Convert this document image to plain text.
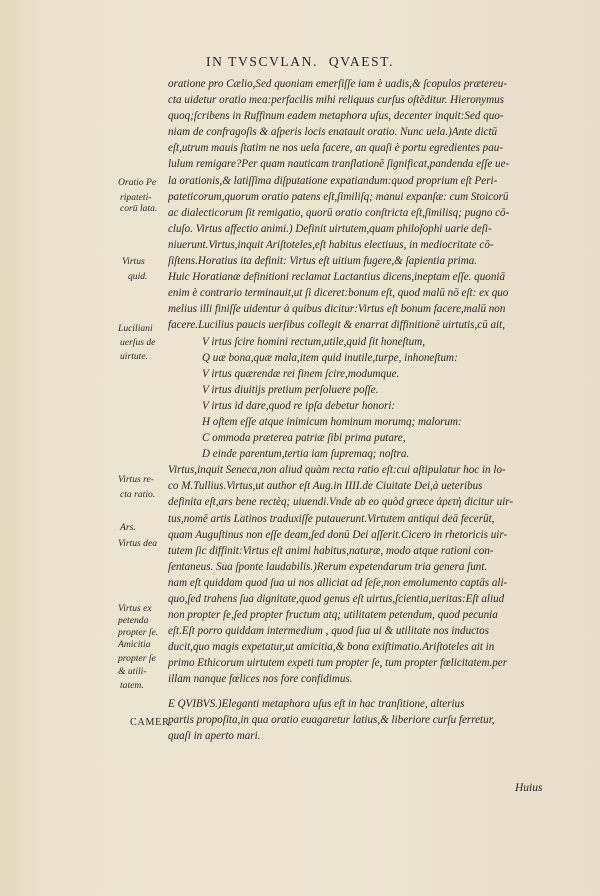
IN TVSCVLAN. QVAEST.
oratione pro Cælio,Sed quoniam emerſiſſe iam è uadis,& ſcopulos prætereu-
cta uidetur oratio mea:perfacilis mihi reliquus curſus oſtēditur. Hieronymus
quoq;ſcribens in Ruffinum eadem metaphora uſus, decenter inquit:Sed quo-
niam de confragoſis & aſperis locis enatauit oratio. Nunc uela.)Ante dictū
eſt,utrum mauis ſtatim ne nos uela facere, an quaſi è portu egredientes pau-
lulum remigare?Per quam nauticam tranſlationē ſignificat,pandenda eſſe ue-
la orationis,& latiſſima diſputatione expatiandum:quod proprium eſt Peri-
pateticorum,quorum oratio patens eſt,ſimiliſq; manui expanſæ: cum Stoicorū
ac dialecticorum ſit remigatio, quorū oratio conſtricta eſt,ſimilisq; pugno cō-
cluſo. Virtus affectio animi.) Definit uirtutem,quam philoſophi uarie deſi-
niuerunt.Virtus,inquit Ariſtoteles,eſt habitus electiuus, in mediocritate cō-
ſiſtens.Horatius ita definit: Virtus eſt uitium fugere,& ſapientia prima.
Huic Horatianæ definitioni reclamat Lactantius dicens,ineptam eſſe. quoniā
enim è contrario terminauit,ut ſi diceret:bonum eſt, quod malū nō eſt: ex quo
melius illi finiſſe uidentur à quibus dicitur:Virtus eſt bonum facere,malū non
facere.Lucilius paucis uerſibus collegit & enarrat diffinitionē uirtutis,cū ait,
V irtus ſcire homini rectum,utile,quid ſit honeſtum,
Q uæ bona,quæ mala,item quid inutile,turpe, inhoneſtum:
V irtus quærendæ rei finem ſcire,modumque.
V irtus diuitijs pretium perſoluere poſſe.
V irtus id dare,quod re ipſa debetur honori:
H oſtem eſſe atque inimicum hominum morumq; malorum:
C ommoda præterea patriæ ſibi prima putare,
D einde parentum,tertia iam ſupremaq; noſtra.
Virtus,inquit Seneca,non aliud quàm recta ratio eſt:cui aſtipulatur hoc in lo-
co M.Tullius.Virtus,ut author eſt Aug.in IIII.de Ciuitate Dei,à ueteribus
definita eſt,ars bene rectèq; uiuendi.Vnde ab eo quòd græce ἀρετὴ dicitur uir-
tus,nomē artis Latinos traduxiſſe putauerunt.Virtutem antiqui deā fecerūt,
quam Auguſtinus non eſſe deam,ſed donū Dei aſſerit.Cicero in rhetoricis uir-
tutem ſic diffinit:Virtus eſt animi habitus,naturæ, modo atque rationi con-
ſentaneus. Sua ſponte laudabilis.)Rerum expetendarum tria genera ſunt.
nam eſt quiddam quod ſua ui nos alliciat ad ſeſe,non emolumento captās ali-
quo,ſed trahens ſua dignitate,quod genus eſt uirtus,ſcientia,ueritas:Eſt aliud
non propter ſe,ſed propter fructum atq; utilitatem petendum, quod pecunia
eſt.Eſt porro quiddam intermedium , quod ſua ui & utilitate nos inductos
ducit,quo magis expetatur,ut amicitia,& bona exiſtimatio.Ariſtoteles ait in
primo Ethicorum uirtutem expeti tum propter ſe, tum propter fœlicitatem.per
illam nanque fœlices nos fore confidimus.
E QVIBVS.)Eleganti metaphora uſus eſt in hac tranſitione, alterius
partis propoſita,in qua oratio euagaretur latius,& liberiore curſu ferretur,
quaſi in aperto mari.
Oratio Pe
ripateti-
corū lata.
Virtus
quid.
Luciliani
uerſus de
uirtute.
Virtus re-
cta ratio.
Ars.
Virtus dea
Virtus ex
petenda
propter ſe.
Amicitia
propter ſe
& utili-
tatem.
CAMER.
Huius
